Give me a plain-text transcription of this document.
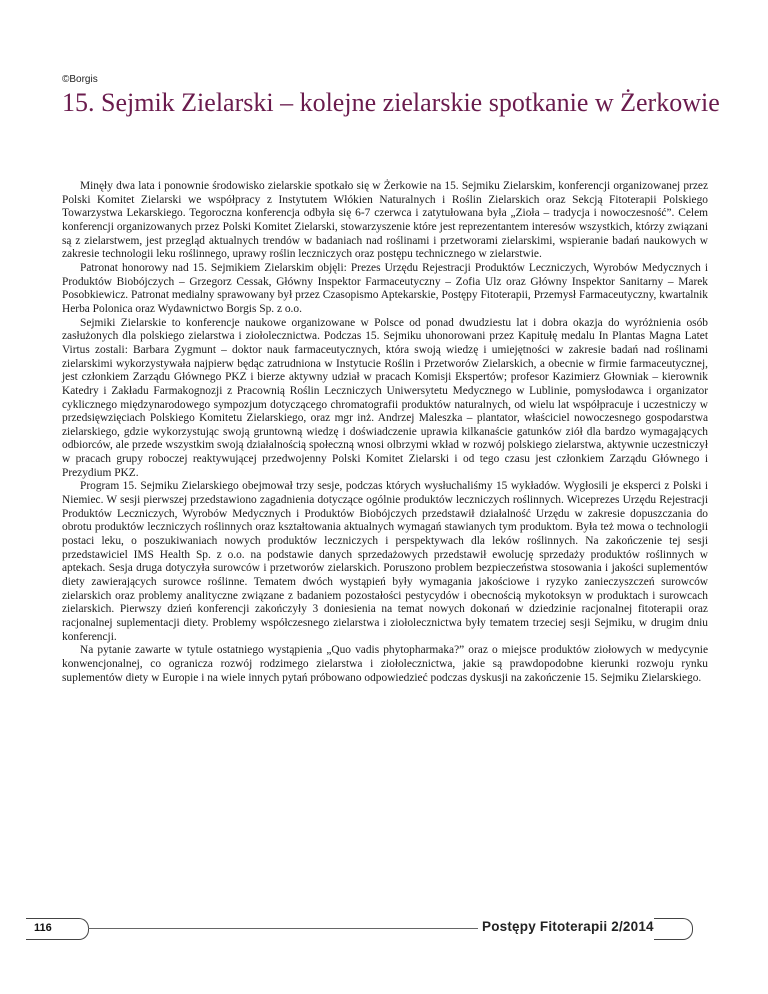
©Borgis
15. Sejmik Zielarski – kolejne zielarskie spotkanie w Żerkowie

Minęły dwa lata i ponownie środowisko zielarskie spotkało się w Żerkowie na 15. Sejmiku Zielarskim, konferencji organizowanej przez Polski Komitet Zielarski we współpracy z Instytutem Włókien Naturalnych i Roślin Zielarskich oraz Sekcją Fitoterapii Polskiego Towarzystwa Lekarskiego. Tegoroczna konferencja odbyła się 6-7 czerwca i zatytułowana była „Zioła – tradycja i nowoczesność”. Celem konferencji organizowanych przez Polski Komitet Zielarski, stowarzyszenie które jest reprezentantem interesów wszystkich, którzy związani są z zielarstwem, jest przegląd aktualnych trendów w badaniach nad roślinami i przetworami zielarskimi, wspieranie badań naukowych w zakresie technologii leku roślinnego, uprawy roślin leczniczych oraz postępu technicznego w zielarstwie.

Patronat honorowy nad 15. Sejmikiem Zielarskim objęli: Prezes Urzędu Rejestracji Produktów Leczniczych, Wyrobów Medycznych i Produktów Biobójczych – Grzegorz Cessak, Główny Inspektor Farmaceutyczny – Zofia Ulz oraz Główny Inspektor Sanitarny – Marek Posobkiewicz. Patronat medialny sprawowany był przez Czasopismo Aptekarskie, Postępy Fitoterapii, Przemysł Farmaceutyczny, kwartalnik Herba Polonica oraz Wydawnictwo Borgis Sp. z o.o.

Sejmiki Zielarskie to konferencje naukowe organizowane w Polsce od ponad dwudziestu lat i dobra okazja do wyróżnienia osób zasłużonych dla polskiego zielarstwa i ziołolecznictwa. Podczas 15. Sejmiku uhonorowani przez Kapitułę medalu In Plantas Magna Latet Virtus zostali: Barbara Zygmunt – doktor nauk farmaceutycznych, która swoją wiedzę i umiejętności w zakresie badań nad roślinami zielarskimi wykorzystywała najpierw będąc zatrudniona w Instytucie Roślin i Przetworów Zielarskich, a obecnie w firmie farmaceutycznej, jest członkiem Zarządu Głównego PKZ i bierze aktywny udział w pracach Komisji Ekspertów; profesor Kazimierz Głowniak – kierownik Katedry i Zakładu Farmakognozji z Pracownią Roślin Leczniczych Uniwersytetu Medycznego w Lublinie, pomysłodawca i organizator cyklicznego międzynarodowego sympozjum dotyczącego chromatografii produktów naturalnych, od wielu lat współpracuje i uczestniczy w przedsięwzięciach Polskiego Komitetu Zielarskiego, oraz mgr inż. Andrzej Maleszka – plantator, właściciel nowoczesnego gospodarstwa zielarskiego, gdzie wykorzystując swoją gruntowną wiedzę i doświadczenie uprawia kilkanaście gatunków ziół dla bardzo wymagających odbiorców, ale przede wszystkim swoją działalnością społeczną wnosi olbrzymi wkład w rozwój polskiego zielarstwa, aktywnie uczestniczył w pracach grupy roboczej reaktywującej przedwojenny Polski Komitet Zielarski i od tego czasu jest członkiem Zarządu Głównego i Prezydium PKZ.

Program 15. Sejmiku Zielarskiego obejmował trzy sesje, podczas których wysłuchaliśmy 15 wykładów. Wygłosili je eksperci z Polski i Niemiec. W sesji pierwszej przedstawiono zagadnienia dotyczące ogólnie produktów leczniczych roślinnych. Wiceprezes Urzędu Rejestracji Produktów Leczniczych, Wyrobów Medycznych i Produktów Biobójczych przedstawił działalność Urzędu w zakresie dopuszczania do obrotu produktów leczniczych roślinnych oraz kształtowania aktualnych wymagań stawianych tym produktom. Była też mowa o technologii postaci leku, o poszukiwaniach nowych produktów leczniczych i perspektywach dla leków roślinnych. Na zakończenie tej sesji przedstawiciel IMS Health Sp. z o.o. na podstawie danych sprzedażowych przedstawił ewolucję sprzedaży produktów roślinnych w aptekach. Sesja druga dotyczyła surowców i przetworów zielarskich. Poruszono problem bezpieczeństwa stosowania i jakości suplementów diety zawierających surowce roślinne. Tematem dwóch wystąpień były wymagania jakościowe i ryzyko zanieczyszczeń surowców zielarskich oraz problemy analityczne związane z badaniem pozostałości pestycydów i obecnością mykotoksyn w produktach i surowcach zielarskich. Pierwszy dzień konferencji zakończyły 3 doniesienia na temat nowych dokonań w dziedzinie racjonalnej fitoterapii oraz racjonalnej suplementacji diety. Problemy współczesnego zielarstwa i ziołolecznictwa były tematem trzeciej sesji Sejmiku, w drugim dniu konferencji.

Na pytanie zawarte w tytule ostatniego wystąpienia „Quo vadis phytopharmaka?” oraz o miejsce produktów ziołowych w medycynie konwencjonalnej, co ogranicza rozwój rodzimego zielarstwa i ziołolecznictwa, jakie są prawdopodobne kierunki rozwoju rynku suplementów diety w Europie i na wiele innych pytań próbowano odpowiedzieć podczas dyskusji na zakończenie 15. Sejmiku Zielarskiego.

116	Postępy Fitoterapii 2/2014
